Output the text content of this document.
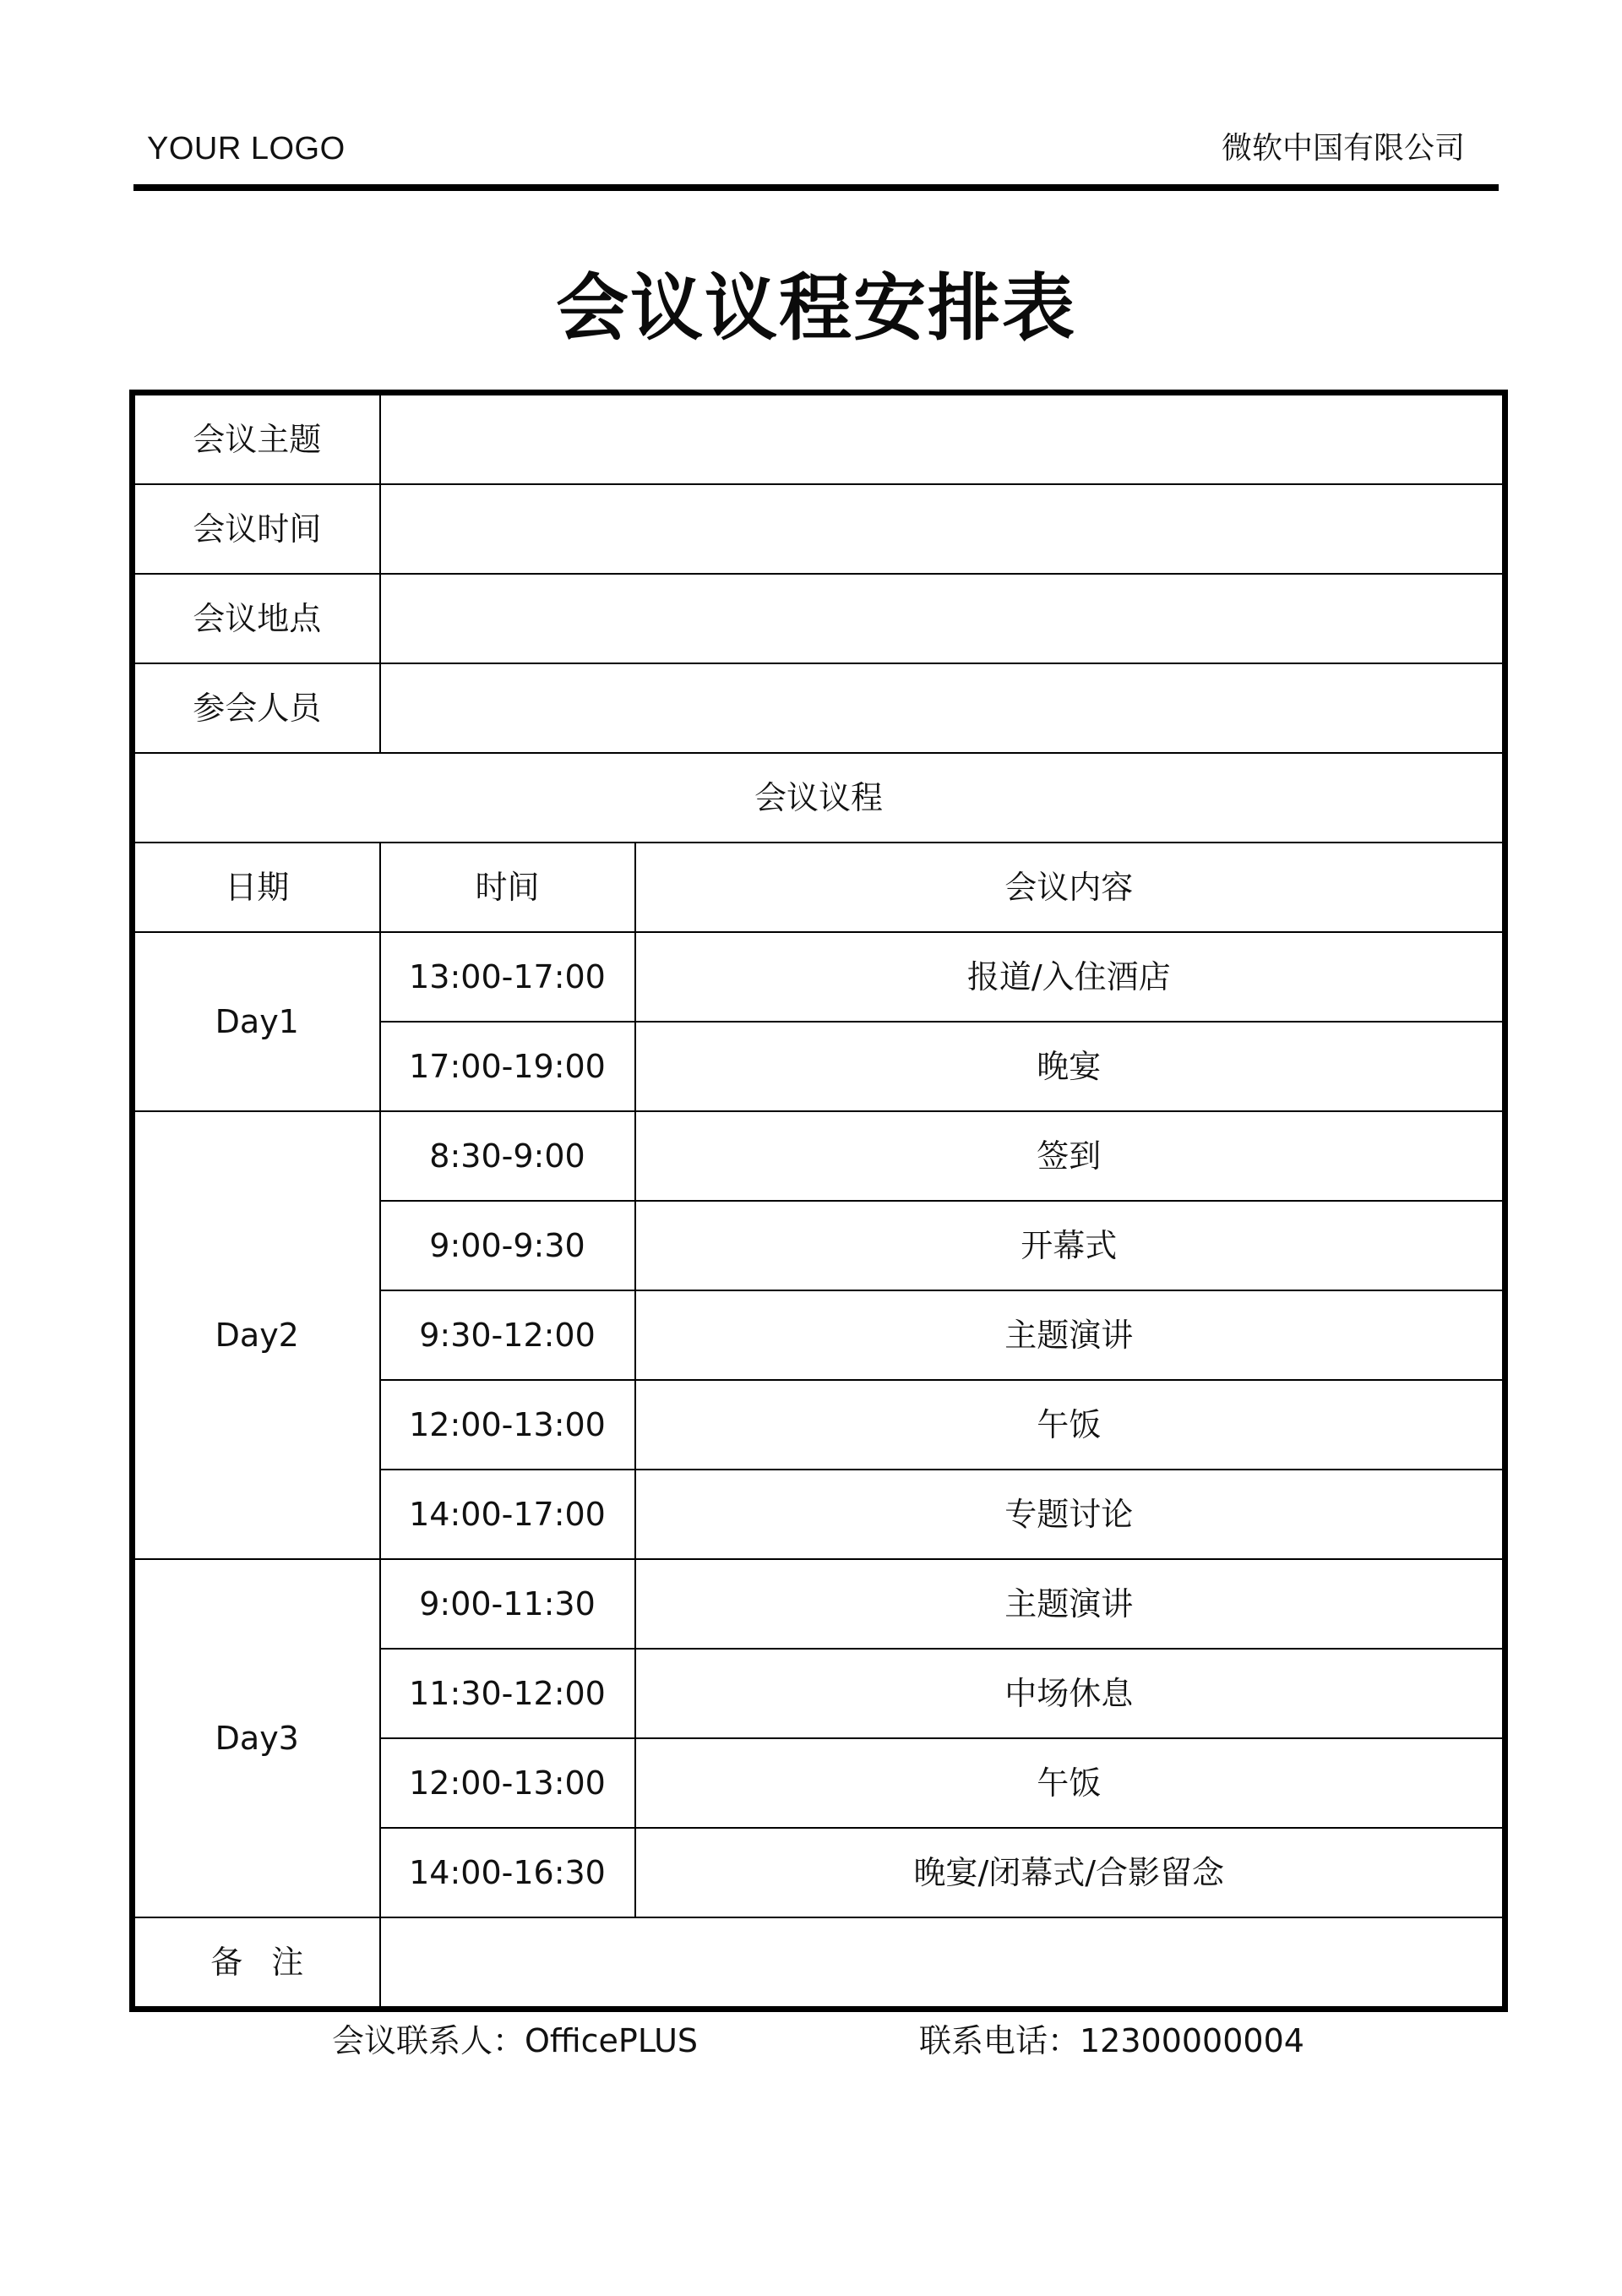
YOUR LOGO	微软中国有限公司
会议议程安排表
会议主题		
会议时间		
会议地点		
参会人员		
会议议程		
日期	时间	会议内容
Day1	13:00-17:00	报道/入住酒店
	17:00-19:00	晚宴
Day2	8:30-9:00	签到
	9:00-9:30	开幕式
	9:30-12:00	主题演讲
	12:00-13:00	午饭
	14:00-17:00	专题讨论
Day3	9:00-11:30	主题演讲
	11:30-12:00	中场休息
	12:00-13:00	午饭
	14:00-16:30	晚宴/闭幕式/合影留念
备注		
会议联系人：OfficePLUS	联系电话：12300000004
